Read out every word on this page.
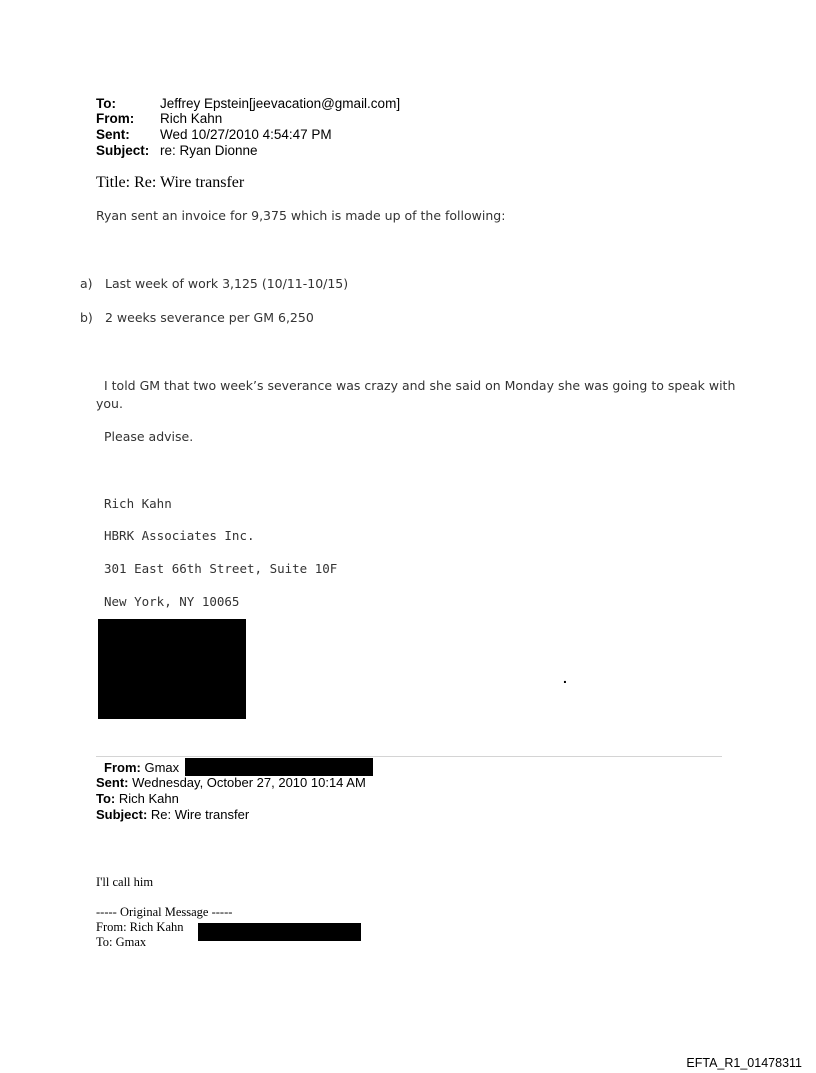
To:	Jeffrey Epstein[jeevacation@gmail.com]
From: Rich Kahn
Sent: Wed 10/27/2010 4:54:47 PM
Subject: re: Ryan Dionne
Title: Re: Wire transfer
Ryan sent an invoice for 9,375 which is made up of the following:
a) Last week of work 3,125 (10/11-10/15)
b) 2 weeks severance per GM 6,250
I told GM that two week’s severance was crazy and she said on Monday she was going to speak with
you.
Please advise.
Rich Kahn
HBRK Associates Inc.
301 East 66th Street, Suite 10F
New York, NY 10065
.
From: Gmax
Sent: Wednesday, October 27, 2010 10:14 AM
To: Rich Kahn
Subject: Re: Wire transfer
I'll call him
----- Original Message -----
From: Rich Kahn
To: Gmax
EFTA_R1_01478311
